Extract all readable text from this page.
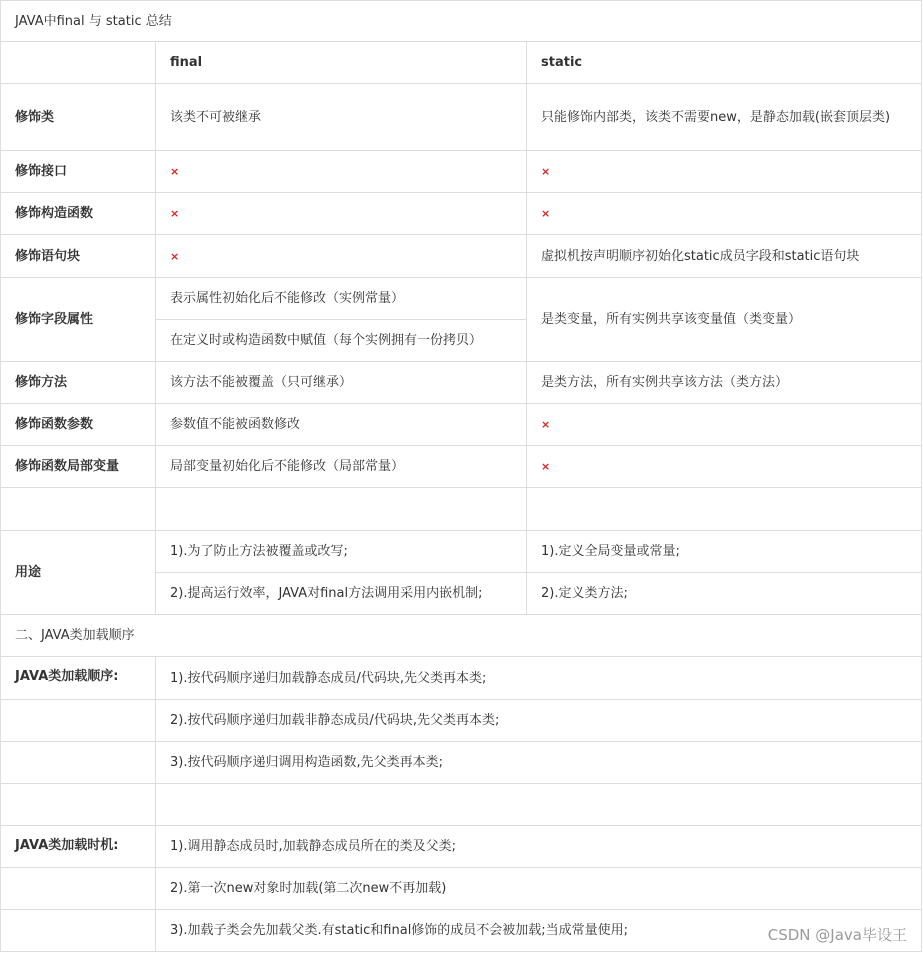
JAVA中final 与 static 总结		
	final	static
修饰类	该类不可被继承	只能修饰内部类，该类不需要new，是静态加载(嵌套顶层类)
修饰接口	×	×
修饰构造函数	×	×
修饰语句块	×	虚拟机按声明顺序初始化static成员字段和static语句块
修饰字段属性	表示属性初始化后不能修改（实例常量）	是类变量，所有实例共享该变量值（类变量）
	在定义时或构造函数中赋值（每个实例拥有一份拷贝）	
修饰方法	该方法不能被覆盖（只可继承）	是类方法，所有实例共享该方法（类方法）
修饰函数参数	参数值不能被函数修改	×
修饰函数局部变量	局部变量初始化后不能修改（局部常量）	×

用途	1).为了防止方法被覆盖或改写;	1).定义全局变量或常量;
	2).提高运行效率，JAVA对final方法调用采用内嵌机制;	2).定义类方法;
二、JAVA类加载顺序		
JAVA类加载顺序:	1).按代码顺序递归加载静态成员/代码块,先父类再本类;	
	2).按代码顺序递归加载非静态成员/代码块,先父类再本类;	
	3).按代码顺序递归调用构造函数,先父类再本类;	

JAVA类加载时机:	1).调用静态成员时,加载静态成员所在的类及父类;	
	2).第一次new对象时加载(第二次new不再加载)	
	3).加载子类会先加载父类.有static和final修饰的成员不会被加载;当成常量使用;		CSDN @Java毕设王
